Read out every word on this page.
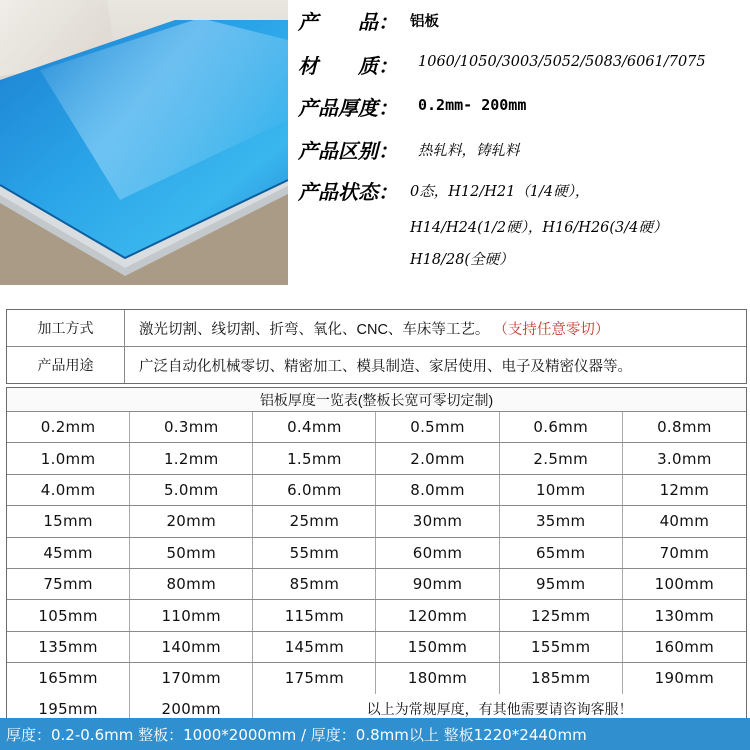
产　　品： 铝板
材　　质： 1060/1050/3003/5052/5083/6061/7075
产品厚度： 0.2mm- 200mm
产品区别： 热轧料，铸轧料
产品状态： 0态，H12/H21（1/4硬），
H14/H24(1/2硬），H16/H26(3/4硬）
H18/28(全硬）
加工方式	激光切割、线切割、折弯、氧化、CNC、车床等工艺。 （支持任意零切）
产品用途	广泛自动化机械零切、精密加工、模具制造、家居使用、电子及精密仪器等。
铝板厚度一览表(整板长宽可零切定制)
0.2mm	0.3mm	0.4mm	0.5mm	0.6mm	0.8mm
1.0mm	1.2mm	1.5mm	2.0mm	2.5mm	3.0mm
4.0mm	5.0mm	6.0mm	8.0mm	10mm	12mm
15mm	20mm	25mm	30mm	35mm	40mm
45mm	50mm	55mm	60mm	65mm	70mm
75mm	80mm	85mm	90mm	95mm	100mm
105mm	110mm	115mm	120mm	125mm	130mm
135mm	140mm	145mm	150mm	155mm	160mm
165mm	170mm	175mm	180mm	185mm	190mm
195mm	200mm	以上为常规厚度，有其他需要请咨询客服！
厚度：0.2-0.6mm 整板：1000*2000mm / 厚度：0.8mm以上 整板1220*2440mm
